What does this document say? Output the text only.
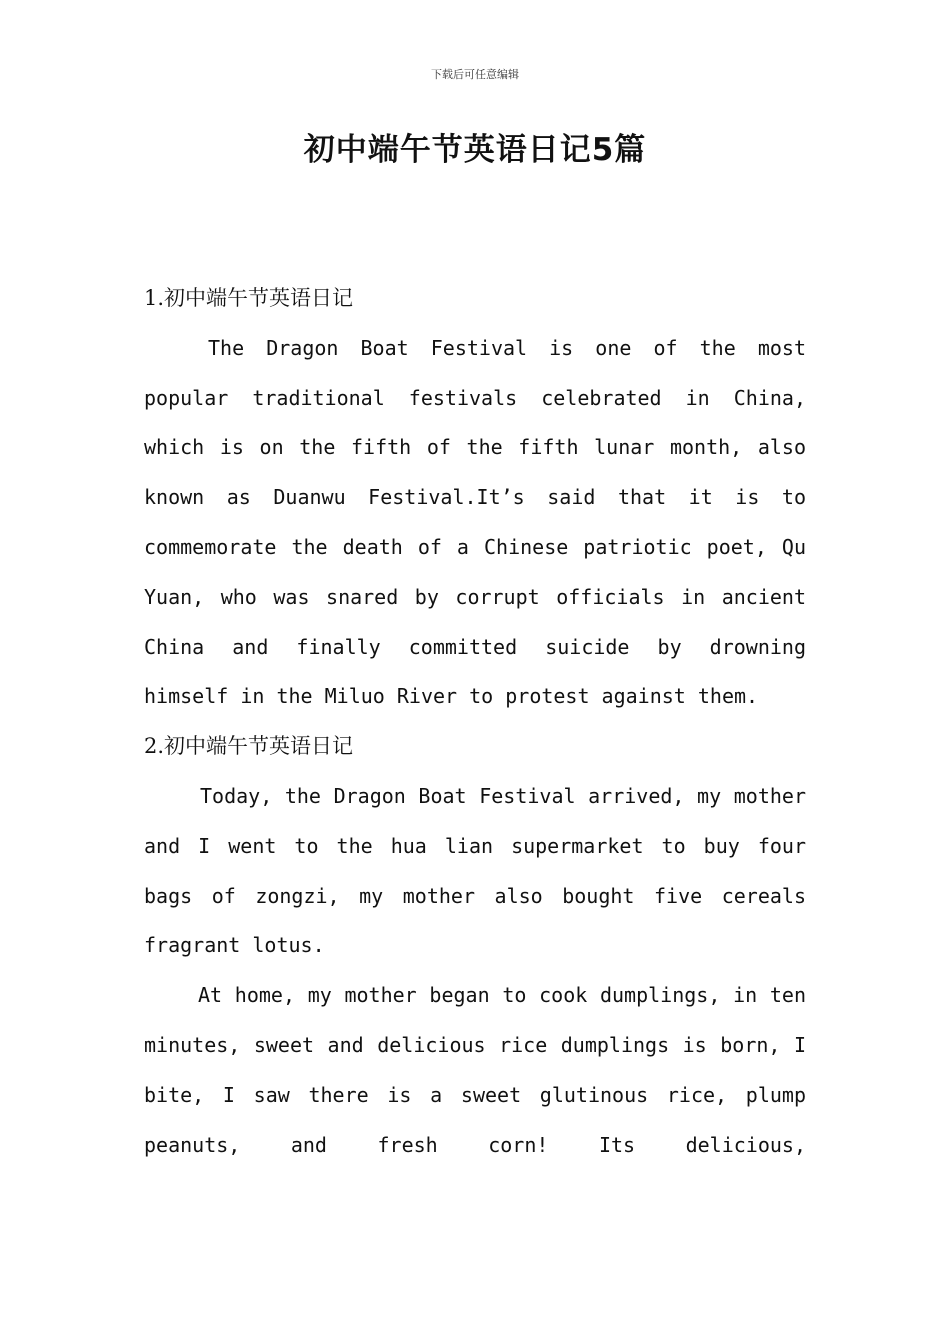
下载后可任意编辑
初中端午节英语日记5篇

1.初中端午节英语日记

The Dragon Boat Festival is one of the most popular traditional festivals celebrated in China, which is on the fifth of the fifth lunar month, also known as Duanwu Festival.It’s said that it is to commemorate the death of a Chinese patriotic poet, Qu Yuan, who was snared by corrupt officials in ancient China and finally committed suicide by drowning himself in the Miluo River to protest against them.

2.初中端午节英语日记

Today, the Dragon Boat Festival arrived, my mother and I went to the hua lian supermarket to buy four bags of zongzi, my mother also bought five cereals fragrant lotus.

At home, my mother began to cook dumplings, in ten minutes, sweet and delicious rice dumplings is born, I bite, I saw there is a sweet glutinous rice, plump peanuts, and fresh corn! Its delicious,
